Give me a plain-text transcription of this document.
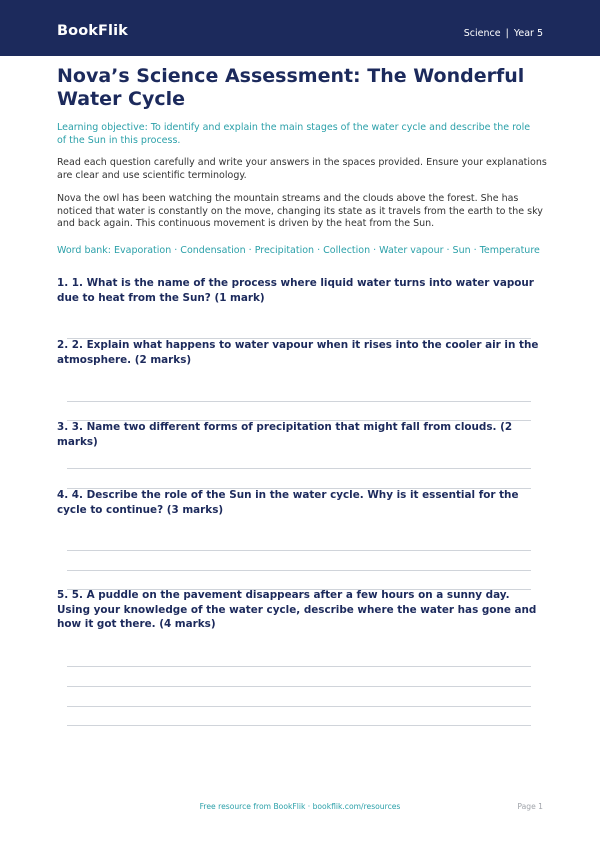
BookFlik	Science | Year 5
Nova’s Science Assessment: The Wonderful Water Cycle
Learning objective: To identify and explain the main stages of the water cycle and describe the role of the Sun in this process.
Read each question carefully and write your answers in the spaces provided. Ensure your explanations are clear and use scientific terminology.
Nova the owl has been watching the mountain streams and the clouds above the forest. She has noticed that water is constantly on the move, changing its state as it travels from the earth to the sky and back again. This continuous movement is driven by the heat from the Sun.
Word bank: Evaporation · Condensation · Precipitation · Collection · Water vapour · Sun · Temperature
1. 1. What is the name of the process where liquid water turns into water vapour due to heat from the Sun? (1 mark)
2. 2. Explain what happens to water vapour when it rises into the cooler air in the atmosphere. (2 marks)
3. 3. Name two different forms of precipitation that might fall from clouds. (2 marks)
4. 4. Describe the role of the Sun in the water cycle. Why is it essential for the cycle to continue? (3 marks)
5. 5. A puddle on the pavement disappears after a few hours on a sunny day. Using your knowledge of the water cycle, describe where the water has gone and how it got there. (4 marks)
Free resource from BookFlik · bookflik.com/resources	Page 1
